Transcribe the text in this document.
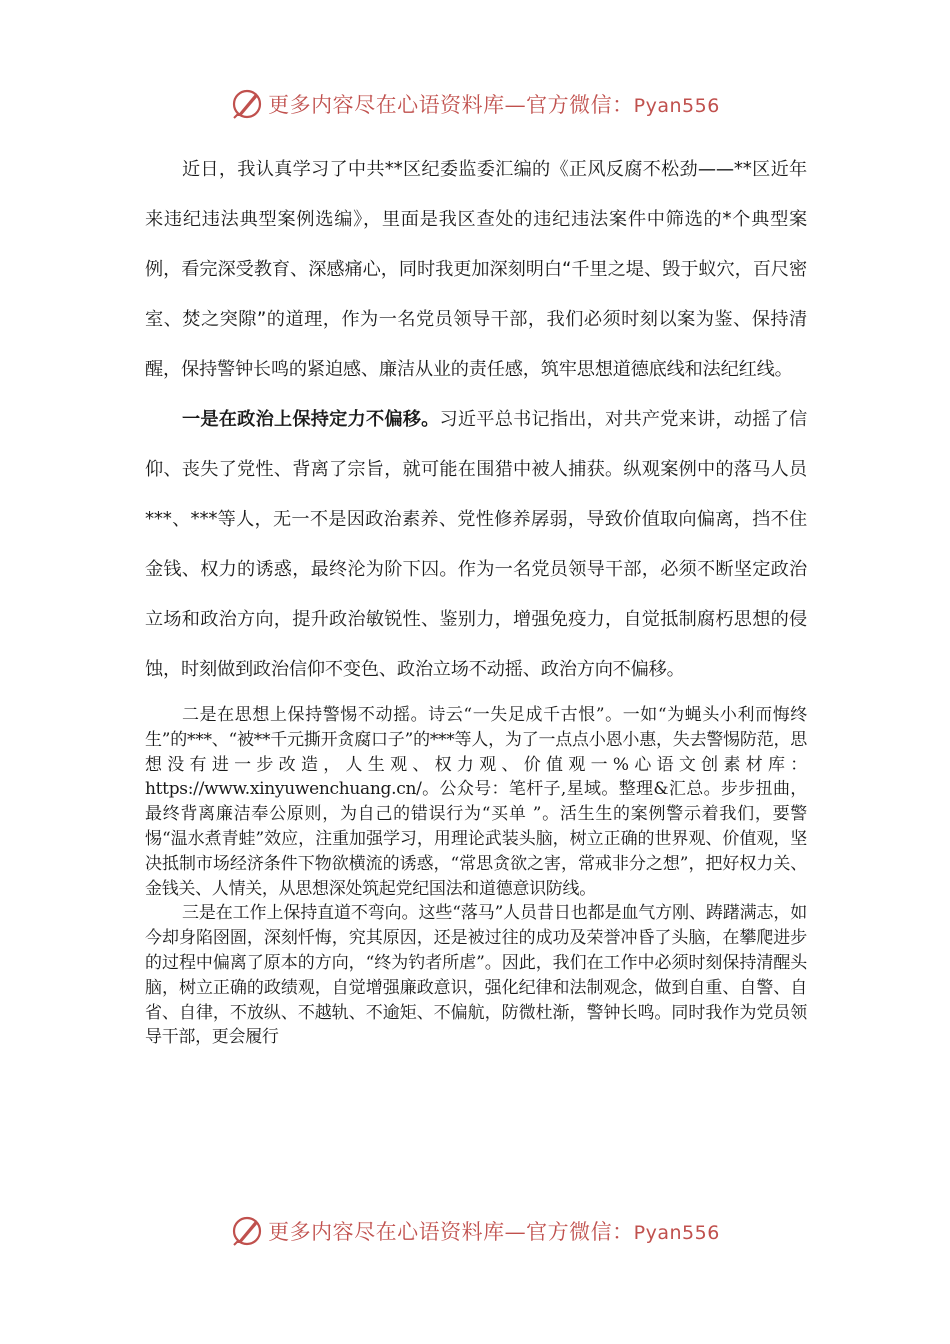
更多内容尽在心语资料库—官方微信：Pyan556

近日，我认真学习了中共**区纪委监委汇编的《正风反腐不松劲——**区近年来违纪违法典型案例选编》，里面是我区查处的违纪违法案件中筛选的*个典型案例，看完深受教育、深感痛心，同时我更加深刻明白“千里之堤、毁于蚁穴，百尺密室、焚之突隙”的道理，作为一名党员领导干部，我们必须时刻以案为鉴、保持清醒，保持警钟长鸣的紧迫感、廉洁从业的责任感，筑牢思想道德底线和法纪红线。

一是在政治上保持定力不偏移。习近平总书记指出，对共产党来讲，动摇了信仰、丧失了党性、背离了宗旨，就可能在围猎中被人捕获。纵观案例中的落马人员***、***等人，无一不是因政治素养、党性修养孱弱，导致价值取向偏离，挡不住金钱、权力的诱惑，最终沦为阶下囚。作为一名党员领导干部，必须不断坚定政治立场和政治方向，提升政治敏锐性、鉴别力，增强免疫力，自觉抵制腐朽思想的侵蚀，时刻做到政治信仰不变色、政治立场不动摇、政治方向不偏移。

二是在思想上保持警惕不动摇。诗云“一失足成千古恨”。一如“为蝇头小利而悔终生”的***、“被**千元撕开贪腐口子”的***等人，为了一点点小恩小惠，失去警惕防范，思想没有进一步改造，人生观、权力观、价值观一%心语文创素材库：https://www.xinyuwenchuang.cn/。公众号：笔杆子,星域。整理&汇总。步步扭曲，最终背离廉洁奉公原则，为自己的错误行为“买单 ”。活生生的案例警示着我们，要警惕“温水煮青蛙”效应，注重加强学习，用理论武装头脑，树立正确的世界观、价值观，坚决抵制市场经济条件下物欲横流的诱惑，“常思贪欲之害，常戒非分之想”，把好权力关、金钱关、人情关，从思想深处筑起党纪国法和道德意识防线。

三是在工作上保持直道不弯向。这些“落马”人员昔日也都是血气方刚、踌躇满志，如今却身陷囹圄，深刻忏悔，究其原因，还是被过往的成功及荣誉冲昏了头脑，在攀爬进步的过程中偏离了原本的方向，“终为钓者所虐”。因此，我们在工作中必须时刻保持清醒头脑，树立正确的政绩观，自觉增强廉政意识，强化纪律和法制观念，做到自重、自警、自省、自律，不放纵、不越轨、不逾矩、不偏航，防微杜渐，警钟长鸣。同时我作为党员领导干部，更会履行

更多内容尽在心语资料库—官方微信：Pyan556
